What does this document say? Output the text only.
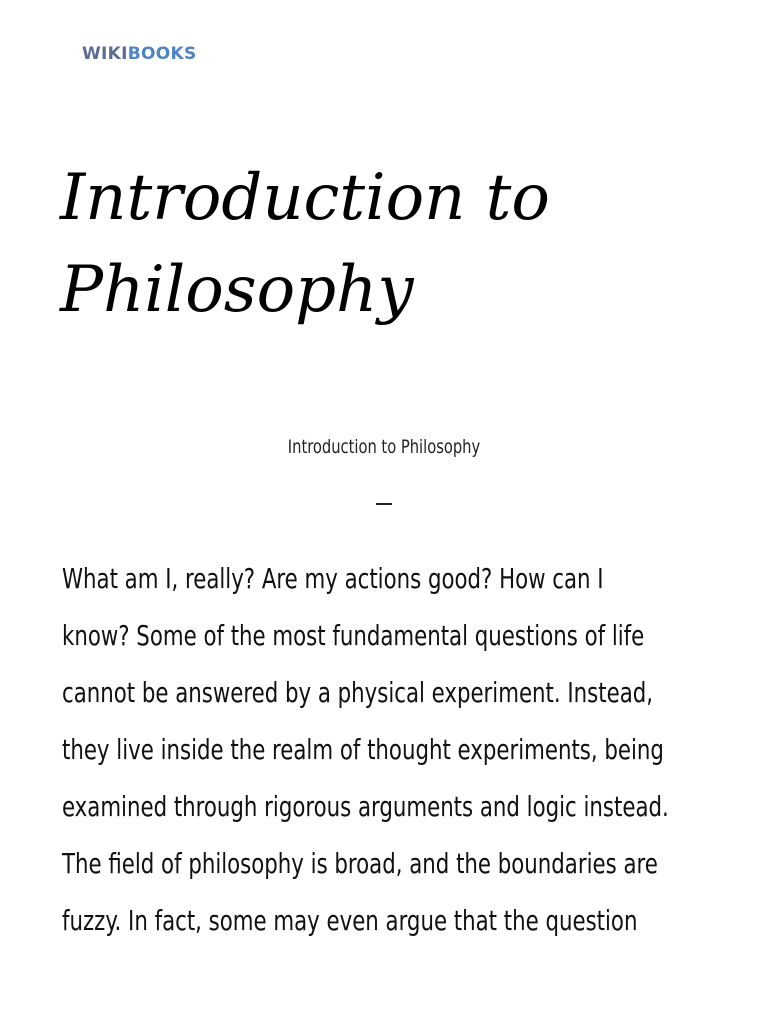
WIKIBOOKS
Introduction to
Philosophy
Introduction to Philosophy

What am I, really? Are my actions good? How can I
know? Some of the most fundamental questions of life
cannot be answered by a physical experiment. Instead,
they live inside the realm of thought experiments, being
examined through rigorous arguments and logic instead.
The field of philosophy is broad, and the boundaries are
fuzzy. In fact, some may even argue that the question
